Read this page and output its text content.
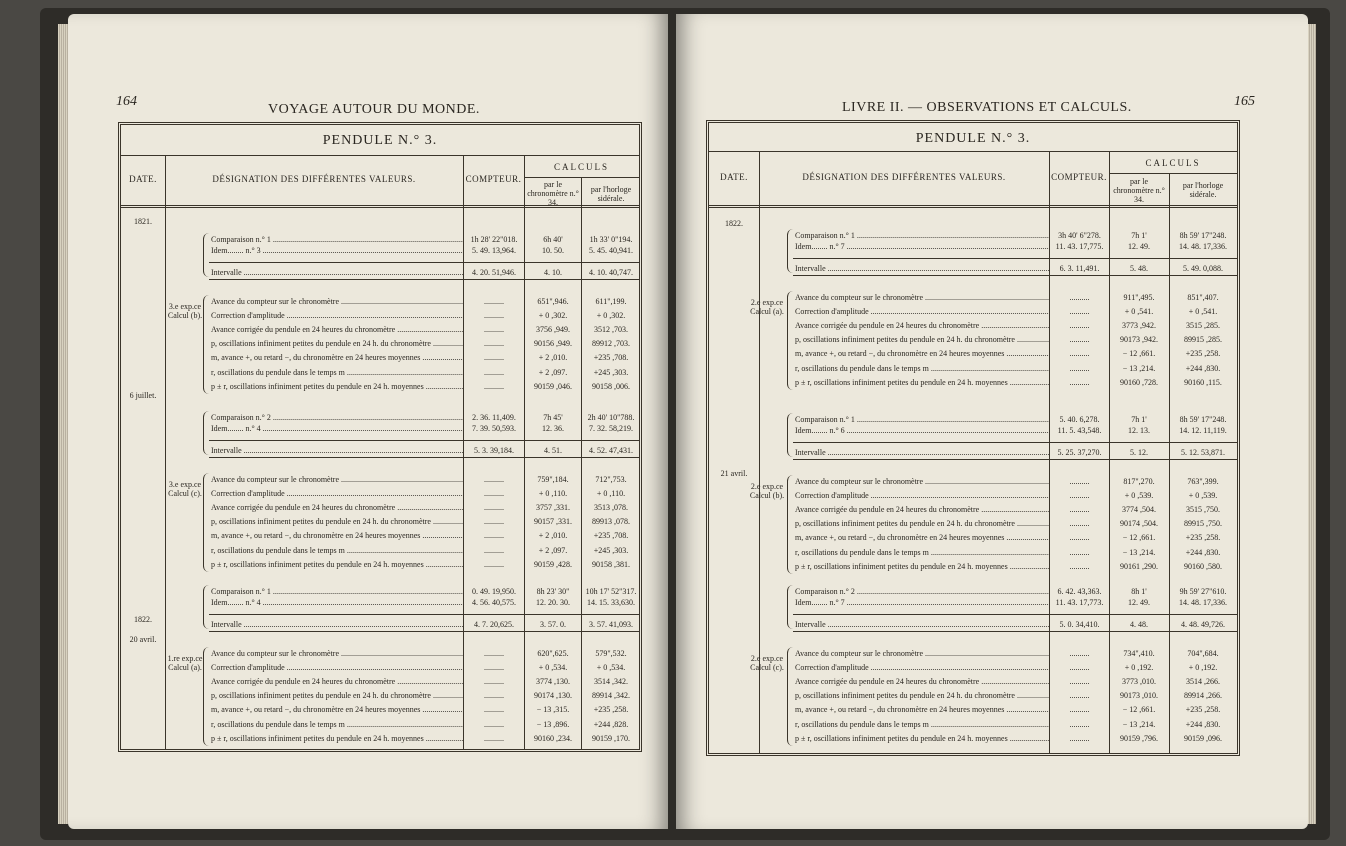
164
VOYAGE AUTOUR DU MONDE.
PENDULE N.° 3.
DATE.	DÉSIGNATION DES DIFFÉRENTES VALEURS.	COMPTEUR.
CALCULS
par le chronomètre n.° 34.
par l'horloge sidérale.
1821.
6 juillet.
1822.
20 avril.
3.e exp.ce Calcul (b).
Comparaison n.° 1 .....	1h 28' 22"018.	6h 40'	1h 33' 0"194.
Idem........ n.° 3 .....	5. 49. 13,964.	10. 50.	5. 45. 40,941.
Intervalle .....	4. 20. 51,946.	4. 10.	4. 10. 40,747.
Avance du compteur sur le chronomètre .....	..........	651",946.	611",199.
Correction d'amplitude .....	..........	+ 0 ,302.	+ 0 ,302.
Avance corrigée du pendule en 24 heures du chronomètre .....	..........	3756 ,949.	3512 ,703.
p, oscillations infiniment petites du pendule en 24 h. du chronomètre .....	..........	90156 ,949.	89912 ,703.
m, avance +, ou retard −, du chronomètre en 24 heures moyennes .....	..........	+ 2 ,010.	+235 ,708.
r, oscillations du pendule dans le temps m .....	..........	+ 2 ,097.	+245 ,303.
p ± r, oscillations infiniment petites du pendule en 24 h. moyennes .....	..........	90159 ,046.	90158 ,006.
3.e exp.ce Calcul (c).
Comparaison n.° 2 .....	2. 36. 11,409.	7h 45'	2h 40' 10"788.
Idem........ n.° 4 .....	7. 39. 50,593.	12. 36.	7. 32. 58,219.
Intervalle .....	5. 3. 39,184.	4. 51.	4. 52. 47,431.
Avance du compteur sur le chronomètre .....	..........	759",184.	712",753.
Correction d'amplitude .....	..........	+ 0 ,110.	+ 0 ,110.
Avance corrigée du pendule en 24 heures du chronomètre .....	..........	3757 ,331.	3513 ,078.
p, oscillations infiniment petites du pendule en 24 h. du chronomètre .....	..........	90157 ,331.	89913 ,078.
m, avance +, ou retard −, du chronomètre en 24 heures moyennes .....	..........	+ 2 ,010.	+235 ,708.
r, oscillations du pendule dans le temps m .....	..........	+ 2 ,097.	+245 ,303.
p ± r, oscillations infiniment petites du pendule en 24 h. moyennes .....	..........	90159 ,428.	90158 ,381.
1.re exp.ce Calcul (a).
Comparaison n.° 1 .....	0. 49. 19,950.	8h 23' 30"	10h 17' 52"317.
Idem........ n.° 4 .....	4. 56. 40,575.	12. 20. 30.	14. 15. 33,630.
Intervalle .....	4. 7. 20,625.	3. 57. 0.	3. 57. 41,093.
Avance du compteur sur le chronomètre .....	..........	620",625.	579",532.
Correction d'amplitude .....	..........	+ 0 ,534.	+ 0 ,534.
Avance corrigée du pendule en 24 heures du chronomètre .....	..........	3774 ,130.	3514 ,342.
p, oscillations infiniment petites du pendule en 24 h. du chronomètre .....	..........	90174 ,130.	89914 ,342.
m, avance +, ou retard −, du chronomètre en 24 heures moyennes .....	..........	− 13 ,315.	+235 ,258.
r, oscillations du pendule dans le temps m .....	..........	− 13 ,896.	+244 ,828.
p ± r, oscillations infiniment petites du pendule en 24 h. moyennes .....	..........	90160 ,234.	90159 ,170.
LIVRE II. — OBSERVATIONS ET CALCULS.	165
PENDULE N.° 3.
DATE.	DÉSIGNATION DES DIFFÉRENTES VALEURS.	COMPTEUR.
CALCULS
par le chronomètre n.° 34.
par l'horloge sidérale.
1822.
21 avril.
2.e exp.ce Calcul (a).
Comparaison n.° 1 .....	3h 40' 6"278.	7h 1'	8h 59' 17"248.
Idem........ n.° 7 .....	11. 43. 17,775.	12. 49.	14. 48. 17,336.
Intervalle .....	6. 3. 11,491.	5. 48.	5. 49. 0,088.
Avance du compteur sur le chronomètre .....	..........	911",495.	851",407.
Correction d'amplitude .....	..........	+ 0 ,541.	+ 0 ,541.
Avance corrigée du pendule en 24 heures du chronomètre .....	..........	3773 ,942.	3515 ,285.
p, oscillations infiniment petites du pendule en 24 h. du chronomètre .....	..........	90173 ,942.	89915 ,285.
m, avance +, ou retard −, du chronomètre en 24 heures moyennes .....	..........	− 12 ,661.	+235 ,258.
r, oscillations du pendule dans le temps m .....	..........	− 13 ,214.	+244 ,830.
p ± r, oscillations infiniment petites du pendule en 24 h. moyennes .....	..........	90160 ,728.	90160 ,115.
2.e exp.ce Calcul (b).
Comparaison n.° 1 .....	5. 40. 6,278.	7h 1'	8h 59' 17"248.
Idem........ n.° 6 .....	11. 5. 43,548.	12. 13.	14. 12. 11,119.
Intervalle .....	5. 25. 37,270.	5. 12.	5. 12. 53,871.
Avance du compteur sur le chronomètre .....	..........	817",270.	763",399.
Correction d'amplitude .....	..........	+ 0 ,539.	+ 0 ,539.
Avance corrigée du pendule en 24 heures du chronomètre .....	..........	3774 ,504.	3515 ,750.
p, oscillations infiniment petites du pendule en 24 h. du chronomètre .....	..........	90174 ,504.	89915 ,750.
m, avance +, ou retard −, du chronomètre en 24 heures moyennes .....	..........	− 12 ,661.	+235 ,258.
r, oscillations du pendule dans le temps m .....	..........	− 13 ,214.	+244 ,830.
p ± r, oscillations infiniment petites du pendule en 24 h. moyennes .....	..........	90161 ,290.	90160 ,580.
2.e exp.ce Calcul (c).
Comparaison n.° 2 .....	6. 42. 43,363.	8h 1'	9h 59' 27"610.
Idem........ n.° 7 .....	11. 43. 17,773.	12. 49.	14. 48. 17,336.
Intervalle .....	5. 0. 34,410.	4. 48.	4. 48. 49,726.
Avance du compteur sur le chronomètre .....	..........	734",410.	704",684.
Correction d'amplitude .....	..........	+ 0 ,192.	+ 0 ,192.
Avance corrigée du pendule en 24 heures du chronomètre .....	..........	3773 ,010.	3514 ,266.
p, oscillations infiniment petites du pendule en 24 h. du chronomètre .....	..........	90173 ,010.	89914 ,266.
m, avance +, ou retard −, du chronomètre en 24 heures moyennes .....	..........	− 12 ,661.	+235 ,258.
r, oscillations du pendule dans le temps m .....	..........	− 13 ,214.	+244 ,830.
p ± r, oscillations infiniment petites du pendule en 24 h. moyennes .....	..........	90159 ,796.	90159 ,096.
